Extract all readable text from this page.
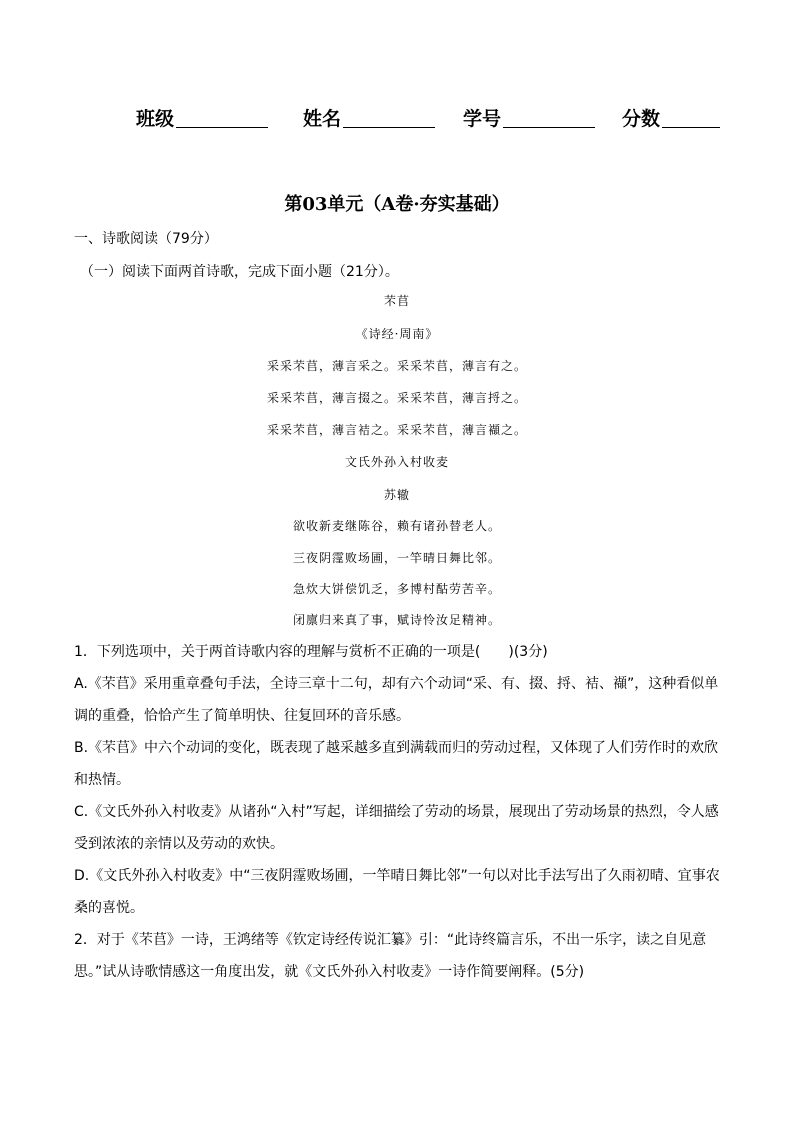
班级	姓名	学号	分数
第03单元（A卷·夯实基础）
一、诗歌阅读（79分）
（一）阅读下面两首诗歌，完成下面小题（21分）。
芣苢
《诗经·周南》
采采芣苢，薄言采之。采采芣苢，薄言有之。
采采芣苢，薄言掇之。采采芣苢，薄言捋之。
采采芣苢，薄言袺之。采采芣苢，薄言襭之。
文氏外孙入村收麦
苏辙
欲收新麦继陈谷，赖有诸孙替老人。
三夜阴霪败场圃，一竿晴日舞比邻。
急炊大饼偿饥乏，多博村酤劳苦辛。
闭廪归来真了事，赋诗怜汝足精神。
1．下列选项中，关于两首诗歌内容的理解与赏析不正确的一项是(　　)(3分)
A.《芣苢》采用重章叠句手法，全诗三章十二句，却有六个动词“采、有、掇、捋、袺、襭”，这种看似单调的重叠，恰恰产生了简单明快、往复回环的音乐感。
B.《芣苢》中六个动词的变化，既表现了越采越多直到满载而归的劳动过程，又体现了人们劳作时的欢欣和热情。
C.《文氏外孙入村收麦》从诸孙“入村”写起，详细描绘了劳动的场景，展现出了劳动场景的热烈，令人感受到浓浓的亲情以及劳动的欢快。
D.《文氏外孙入村收麦》中“三夜阴霪败场圃，一竿晴日舞比邻”一句以对比手法写出了久雨初晴、宜事农桑的喜悦。
2．对于《芣苢》一诗，王鸿绪等《钦定诗经传说汇纂》引：“此诗终篇言乐，不出一乐字，读之自见意思。”试从诗歌情感这一角度出发，就《文氏外孙入村收麦》一诗作简要阐释。(5分)
